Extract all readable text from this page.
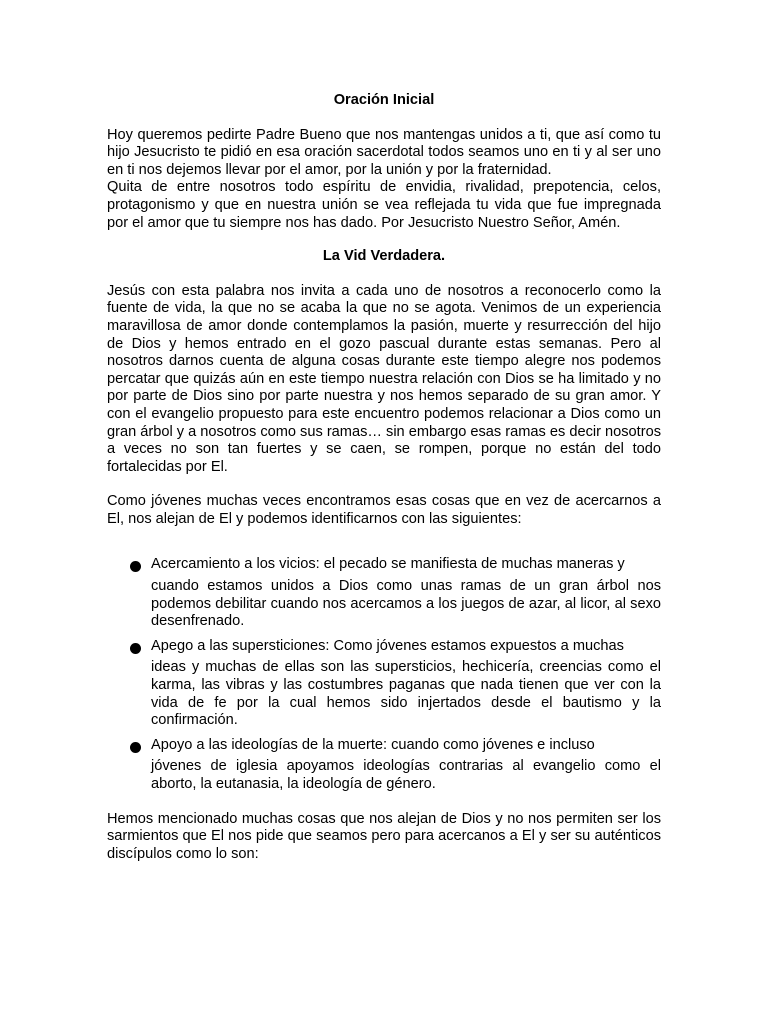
Oración Inicial

Hoy queremos pedirte Padre Bueno que nos mantengas unidos a ti, que así como tu hijo Jesucristo te pidió en esa oración sacerdotal todos seamos uno en ti y al ser uno en ti nos dejemos llevar por el amor, por la unión y por la fraternidad.

Quita de entre nosotros todo espíritu de envidia, rivalidad, prepotencia, celos, protagonismo y que en nuestra unión se vea reflejada tu vida que fue impregnada por el amor que tu siempre nos has dado. Por Jesucristo Nuestro Señor, Amén.

La Vid Verdadera.

Jesús con esta palabra nos invita a cada uno de nosotros a reconocerlo como la fuente de vida, la que no se acaba la que no se agota. Venimos de un experiencia maravillosa de amor donde contemplamos la pasión, muerte y resurrección del hijo de Dios y hemos entrado en el gozo pascual durante estas semanas. Pero al nosotros darnos cuenta de alguna cosas durante este tiempo alegre nos podemos percatar que quizás aún en este tiempo nuestra relación con Dios se ha limitado y no por parte de Dios sino por parte nuestra y nos hemos separado de su gran amor. Y con el evangelio propuesto para este encuentro podemos relacionar a Dios como un gran árbol y a nosotros como sus ramas… sin embargo esas ramas es decir nosotros a veces no son tan fuertes y se caen, se rompen, porque no están del todo fortalecidas por El.

Como jóvenes muchas veces encontramos esas cosas que en vez de acercarnos a El, nos alejan de El y podemos identificarnos con las siguientes:

Acercamiento a los vicios: el pecado se manifiesta de muchas maneras y
cuando estamos unidos a Dios como unas ramas de un gran árbol nos podemos debilitar cuando nos acercamos a los juegos de azar, al licor, al sexo desenfrenado.
Apego a las supersticiones: Como jóvenes estamos expuestos a muchas
ideas y muchas de ellas son las supersticios, hechicería, creencias como el karma, las vibras y las costumbres paganas que nada tienen que ver con la vida de fe por la cual hemos sido injertados desde el bautismo y la confirmación.
Apoyo a las ideologías de la muerte: cuando como jóvenes e incluso
jóvenes de iglesia apoyamos ideologías contrarias al evangelio como el aborto, la eutanasia, la ideología de género.

Hemos mencionado muchas cosas que nos alejan de Dios y no nos permiten ser los sarmientos que El nos pide que seamos pero para acercanos a El y ser su auténticos discípulos como lo son:
